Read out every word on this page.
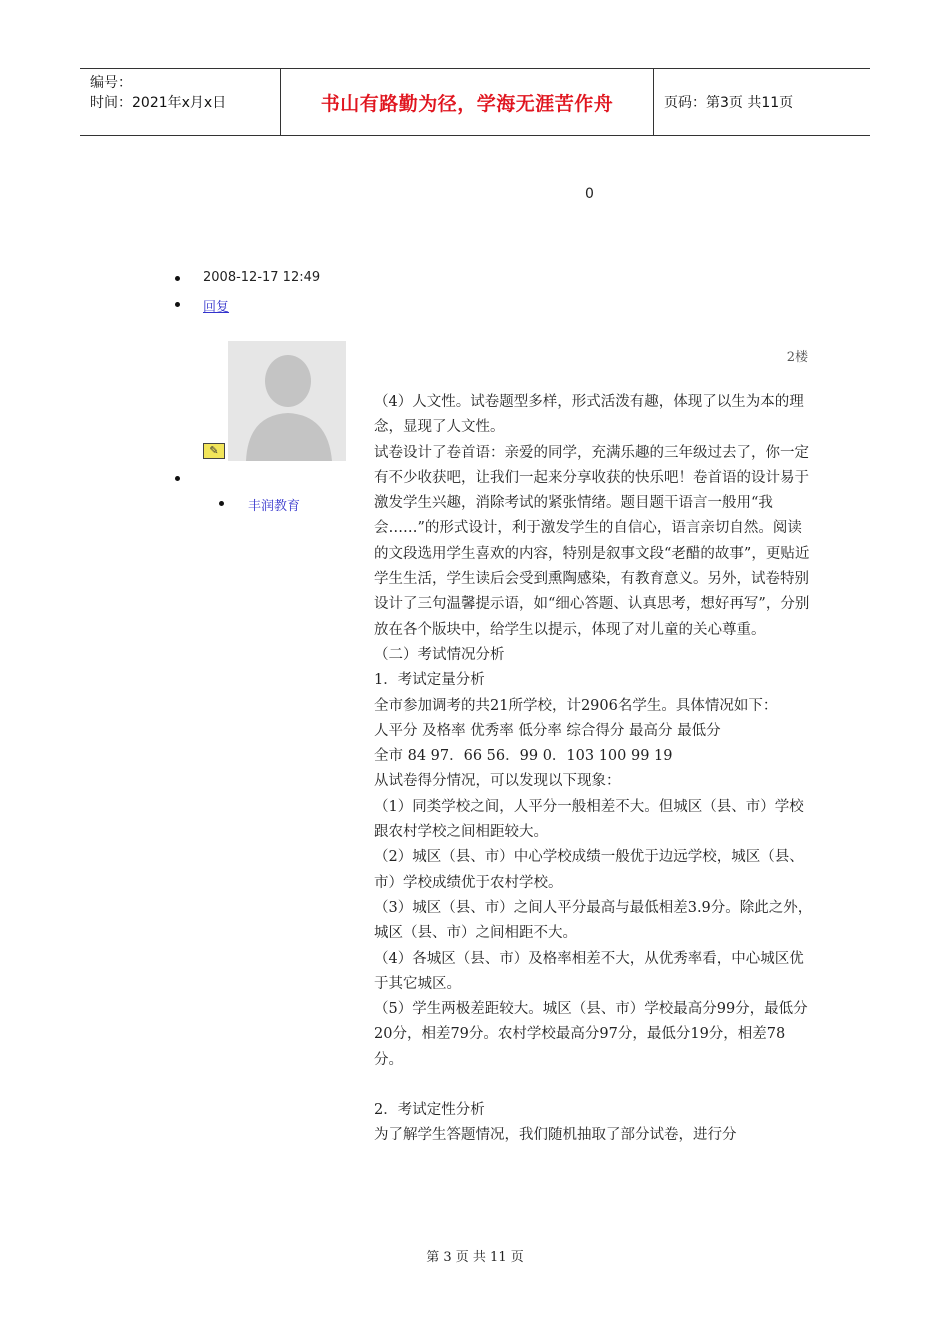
编号：
时间：2021年x月x日	书山有路勤为径，学海无涯苦作舟	页码：第3页 共11页
0
2008-12-17 12:49
回复
2楼
✎
丰润教育

（4）人文性。试卷题型多样，形式活泼有趣，体现了以生为本的理念，显现了人文性。

试卷设计了卷首语：亲爱的同学，充满乐趣的三年级过去了，你一定有不少收获吧，让我们一起来分享收获的快乐吧！卷首语的设计易于激发学生兴趣，消除考试的紧张情绪。题目题干语言一般用“我会……”的形式设计，利于激发学生的自信心，语言亲切自然。阅读的文段选用学生喜欢的内容，特别是叙事文段“老醋的故事”，更贴近学生生活，学生读后会受到熏陶感染，有教育意义。另外，试卷特别设计了三句温馨提示语，如“细心答题、认真思考，想好再写”，分别放在各个版块中，给学生以提示，体现了对儿童的关心尊重。

（二）考试情况分析

1．考试定量分析

全市参加调考的共21所学校，计2906名学生。具体情况如下：

人平分 及格率 优秀率 低分率 综合得分 最高分 最低分

全市 84 97．66 56．99 0．103 100 99 19

从试卷得分情况，可以发现以下现象：

（1）同类学校之间，人平分一般相差不大。但城区（县、市）学校跟农村学校之间相距较大。

（2）城区（县、市）中心学校成绩一般优于边远学校，城区（县、市）学校成绩优于农村学校。

（3）城区（县、市）之间人平分最高与最低相差3.9分。除此之外，城区（县、市）之间相距不大。

（4）各城区（县、市）及格率相差不大，从优秀率看，中心城区优于其它城区。

（5）学生两极差距较大。城区（县、市）学校最高分99分，最低分20分，相差79分。农村学校最高分97分，最低分19分，相差78分。

2．考试定性分析

为了解学生答题情况，我们随机抽取了部分试卷，进行分

第 3 页 共 11 页
